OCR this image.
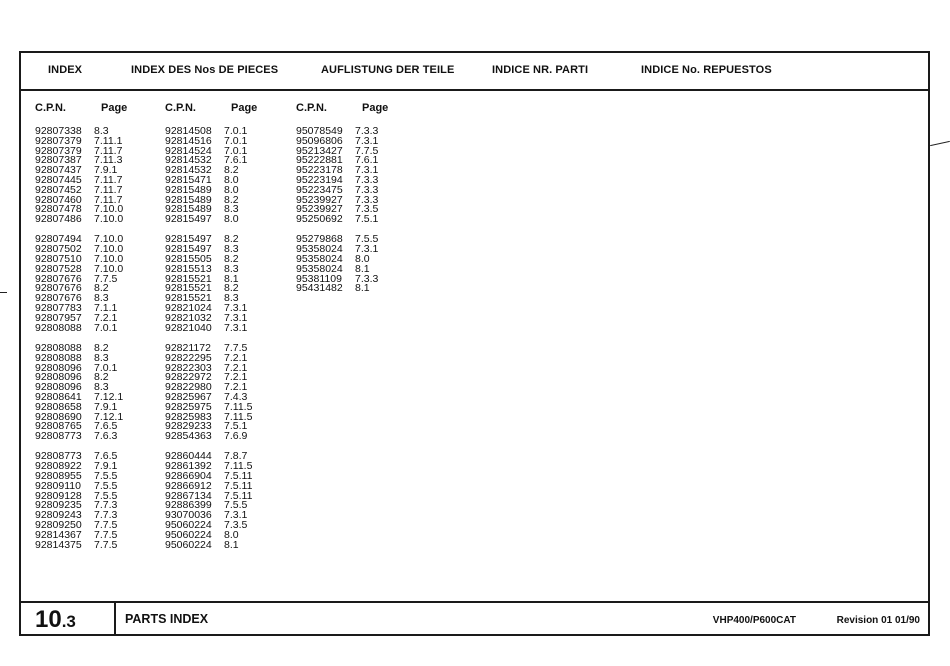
INDEX	INDEX DES Nos DE PIECES	AUFLISTUNG DER TEILE	INDICE NR. PARTI	INDICE No. REPUESTOS
C.P.N.	Page	C.P.N.	Page	C.P.N.	Page
92807338 8.3
92807379 7.11.1
92807379 7.11.7
92807387 7.11.3
92807437 7.9.1
92807445 7.11.7
92807452 7.11.7
92807460 7.11.7
92807478 7.10.0
92807486 7.10.0
92807494 7.10.0
92807502 7.10.0
92807510 7.10.0
92807528 7.10.0
92807676 7.7.5
92807676 8.2
92807676 8.3
92807783 7.1.1
92807957 7.2.1
92808088 7.0.1
92808088 8.2
92808088 8.3
92808096 7.0.1
92808096 8.2
92808096 8.3
92808641 7.12.1
92808658 7.9.1
92808690 7.12.1
92808765 7.6.5
92808773 7.6.3
92808773 7.6.5
92808922 7.9.1
92808955 7.5.5
92809110 7.5.5
92809128 7.5.5
92809235 7.7.3
92809243 7.7.3
92809250 7.7.5
92814367 7.7.5
92814375 7.7.5
92814508 7.0.1
92814516 7.0.1
92814524 7.0.1
92814532 7.6.1
92814532 8.2
92815471 8.0
92815489 8.0
92815489 8.2
92815489 8.3
92815497 8.0
92815497 8.2
92815497 8.3
92815505 8.2
92815513 8.3
92815521 8.1
92815521 8.2
92815521 8.3
92821024 7.3.1
92821032 7.3.1
92821040 7.3.1
92821172 7.7.5
92822295 7.2.1
92822303 7.2.1
92822972 7.2.1
92822980 7.2.1
92825967 7.4.3
92825975 7.11.5
92825983 7.11.5
92829233 7.5.1
92854363 7.6.9
92860444 7.8.7
92861392 7.11.5
92866904 7.5.11
92866912 7.5.11
92867134 7.5.11
92886399 7.5.5
93070036 7.3.1
95060224 7.3.5
95060224 8.0
95060224 8.1
95078549 7.3.3
95096806 7.3.1
95213427 7.7.5
95222881 7.6.1
95223178 7.3.1
95223194 7.3.3
95223475 7.3.3
95239927 7.3.3
95239927 7.3.5
95250692 7.5.1
95279868 7.5.5
95358024 7.3.1
95358024 8.0
95358024 8.1
95381109 7.3.3
95431482 8.1
10.3	PARTS INDEX	VHP400/P600CAT	Revision 01 01/90
